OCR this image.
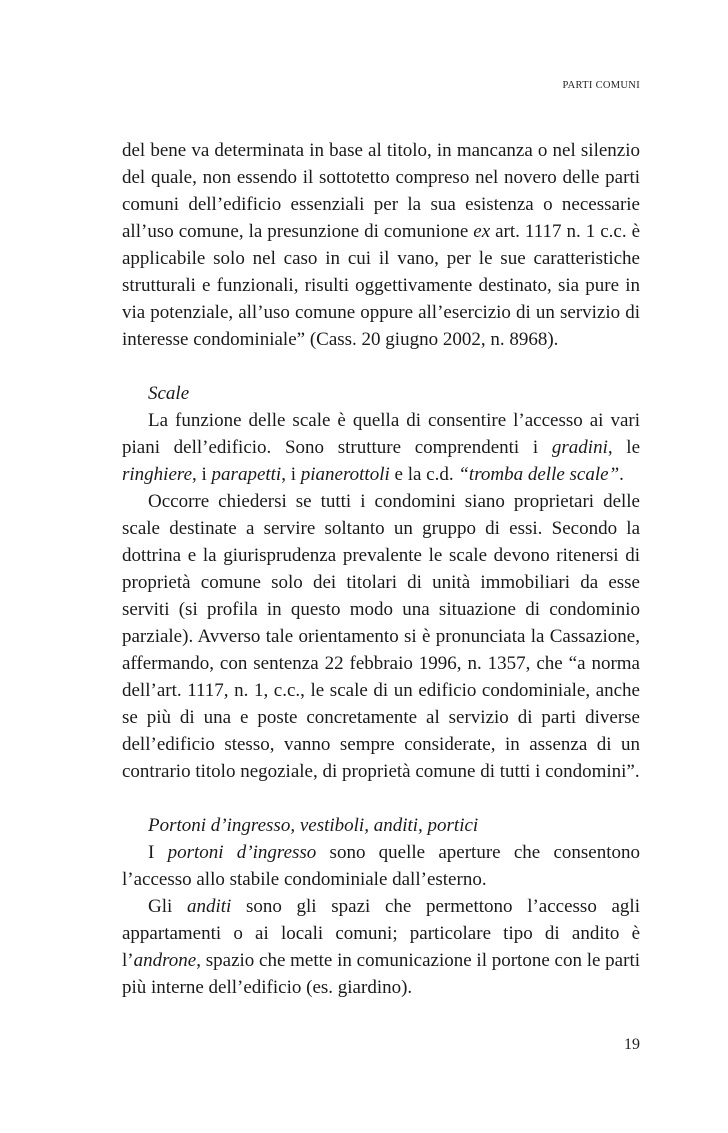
PARTI COMUNI

del bene va determinata in base al titolo, in mancanza o nel silenzio del quale, non essendo il sottotetto compreso nel novero delle parti comuni dell’edificio essenziali per la sua esistenza o necessarie all’uso comune, la presunzione di comunione ex art. 1117 n. 1 c.c. è applicabile solo nel caso in cui il vano, per le sue caratteristiche strutturali e funzionali, risulti oggettivamente destinato, sia pure in via potenziale, all’uso comune oppure all’esercizio di un servizio di interesse condominiale” (Cass. 20 giugno 2002, n. 8968).

Scale

La funzione delle scale è quella di consentire l’accesso ai vari piani dell’edificio. Sono strutture comprendenti i gradini, le ringhiere, i parapetti, i pianerottoli e la c.d. “tromba delle scale”.

Occorre chiedersi se tutti i condomini siano proprietari delle scale destinate a servire soltanto un gruppo di essi. Secondo la dottrina e la giurisprudenza prevalente le scale devono ritenersi di proprietà comune solo dei titolari di unità immobiliari da esse serviti (si profila in questo modo una situazione di condominio parziale). Avverso tale orientamento si è pronunciata la Cassazione, affermando, con sentenza 22 febbraio 1996, n. 1357, che “a norma dell’art. 1117, n. 1, c.c., le scale di un edificio condominiale, anche se più di una e poste concretamente al servizio di parti diverse dell’edificio stesso, vanno sempre considerate, in assenza di un contrario titolo negoziale, di proprietà comune di tutti i condomini”.

Portoni d’ingresso, vestiboli, anditi, portici

I portoni d’ingresso sono quelle aperture che consentono l’accesso allo stabile condominiale dall’esterno.

Gli anditi sono gli spazi che permettono l’accesso agli appartamenti o ai locali comuni; particolare tipo di andito è l’androne, spazio che mette in comunicazione il portone con le parti più interne dell’edificio (es. giardino).

19
